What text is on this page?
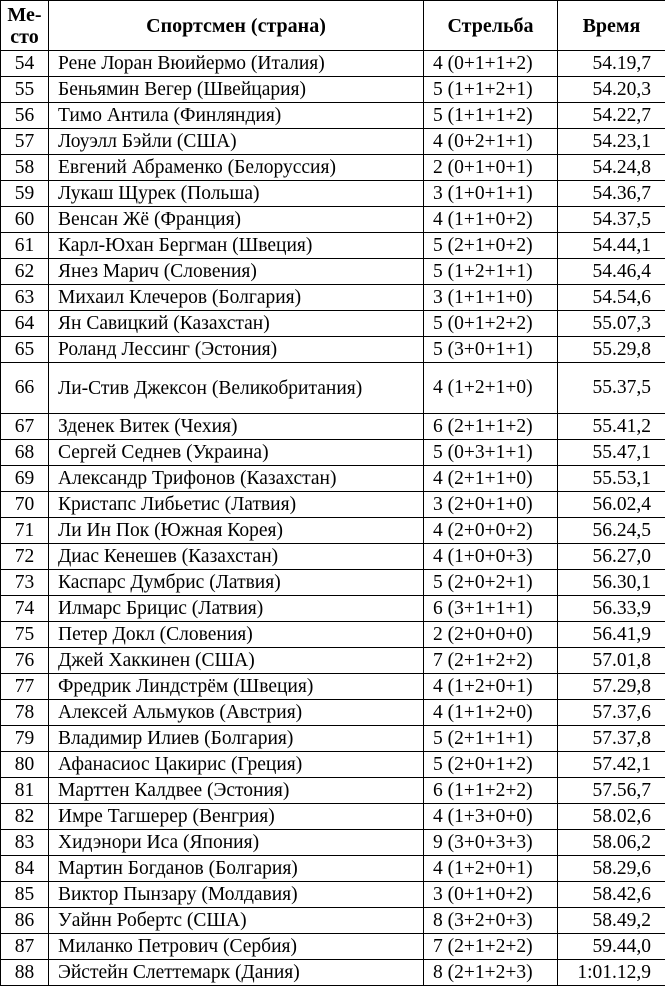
Ме-сто	Спортсмен (страна)	Стрельба	Время
54	Рене Лоран Вюийермо (Италия)	4 (0+1+1+2)	54.19,7
55	Беньямин Вегер (Швейцария)	5 (1+1+2+1)	54.20,3
56	Тимо Антила (Финляндия)	5 (1+1+1+2)	54.22,7
57	Лоуэлл Бэйли (США)	4 (0+2+1+1)	54.23,1
58	Евгений Абраменко (Белоруссия)	2 (0+1+0+1)	54.24,8
59	Лукаш Щурек (Польша)	3 (1+0+1+1)	54.36,7
60	Венсан Жё (Франция)	4 (1+1+0+2)	54.37,5
61	Карл-Юхан Бергман (Швеция)	5 (2+1+0+2)	54.44,1
62	Янез Марич (Словения)	5 (1+2+1+1)	54.46,4
63	Михаил Клечеров (Болгария)	3 (1+1+1+0)	54.54,6
64	Ян Савицкий (Казахстан)	5 (0+1+2+2)	55.07,3
65	Роланд Лессинг (Эстония)	5 (3+0+1+1)	55.29,8
66	Ли-Стив Джексон (Великобритания)	4 (1+2+1+0)	55.37,5
67	Зденек Витек (Чехия)	6 (2+1+1+2)	55.41,2
68	Сергей Седнев (Украина)	5 (0+3+1+1)	55.47,1
69	Александр Трифонов (Казахстан)	4 (2+1+1+0)	55.53,1
70	Кристапс Либьетис (Латвия)	3 (2+0+1+0)	56.02,4
71	Ли Ин Пок (Южная Корея)	4 (2+0+0+2)	56.24,5
72	Диас Кенешев (Казахстан)	4 (1+0+0+3)	56.27,0
73	Каспарс Думбрис (Латвия)	5 (2+0+2+1)	56.30,1
74	Илмарс Брицис (Латвия)	6 (3+1+1+1)	56.33,9
75	Петер Докл (Словения)	2 (2+0+0+0)	56.41,9
76	Джей Хаккинен (США)	7 (2+1+2+2)	57.01,8
77	Фредрик Линдстрём (Швеция)	4 (1+2+0+1)	57.29,8
78	Алексей Альмуков (Австрия)	4 (1+1+2+0)	57.37,6
79	Владимир Илиев (Болгария)	5 (2+1+1+1)	57.37,8
80	Афанасиос Цакирис (Греция)	5 (2+0+1+2)	57.42,1
81	Марттен Калдвее (Эстония)	6 (1+1+2+2)	57.56,7
82	Имре Тагшерер (Венгрия)	4 (1+3+0+0)	58.02,6
83	Хидэнори Иса (Япония)	9 (3+0+3+3)	58.06,2
84	Мартин Богданов (Болгария)	4 (1+2+0+1)	58.29,6
85	Виктор Пынзару (Молдавия)	3 (0+1+0+2)	58.42,6
86	Уайнн Робертс (США)	8 (3+2+0+3)	58.49,2
87	Миланко Петрович (Сербия)	7 (2+1+2+2)	59.44,0
88	Эйстейн Слеттемарк (Дания)	8 (2+1+2+3)	1:01.12,9
